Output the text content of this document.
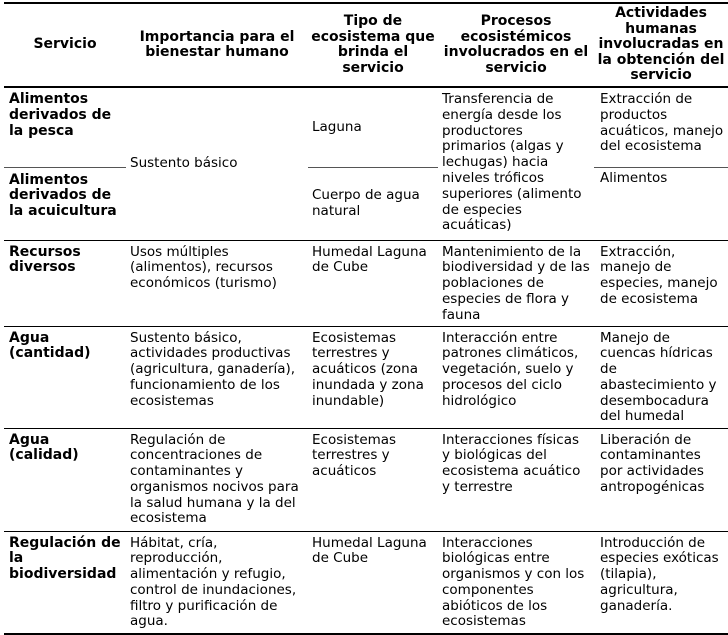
Servicio	Importancia para el bienestar humano	Tipo de ecosistema que brinda el servicio	Procesos ecosistémicos involucrados en el servicio	Actividades humanas involucradas en la obtención del servicio
Alimentos derivados de la pesca	Sustento básico	Laguna	Transferencia de energía desde los productores primarios (algas y lechugas) hacia niveles tróficos superiores (alimento de especies acuáticas)	Extracción de productos acuáticos, manejo del ecosistema
Alimentos derivados de la acuicultura		Cuerpo de agua natural		Alimentos
Recursos diversos	Usos múltiples (alimentos), recursos económicos (turismo)	Humedal Laguna de Cube	Mantenimiento de la biodiversidad y de las poblaciones de especies de flora y fauna	Extracción, manejo de especies, manejo de ecosistema
Agua (cantidad)	Sustento básico, actividades productivas (agricultura, ganadería), funcionamiento de los ecosistemas	Ecosistemas terrestres y acuáticos (zona inundada y zona inundable)	Interacción entre patrones climáticos, vegetación, suelo y procesos del ciclo hidrológico	Manejo de cuencas hídricas de abastecimiento y desembocadura del humedal
Agua (calidad)	Regulación de concentraciones de contaminantes y organismos nocivos para la salud humana y la del ecosistema	Ecosistemas terrestres y acuáticos	Interacciones físicas y biológicas del ecosistema acuático y terrestre	Liberación de contaminantes por actividades antropogénicas
Regulación de la biodiversidad	Hábitat, cría, reproducción, alimentación y refugio, control de inundaciones, filtro y purificación de agua.	Humedal Laguna de Cube	Interacciones biológicas entre organismos y con los componentes abióticos de los ecosistemas	Introducción de especies exóticas (tilapia), agricultura, ganadería.
